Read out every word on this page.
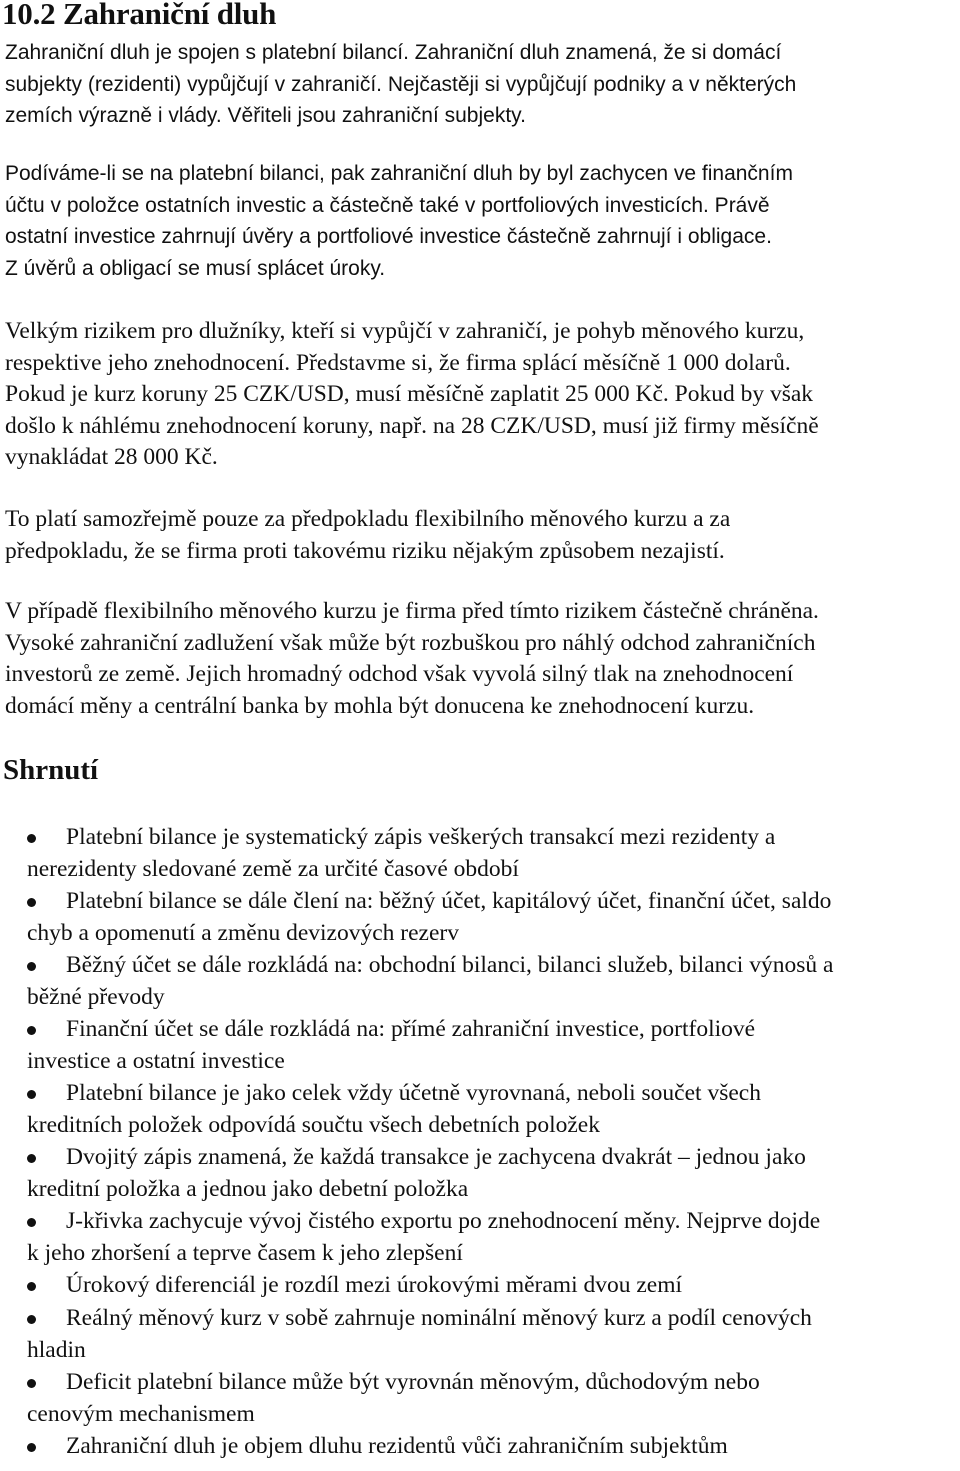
10.2 Zahraniční dluh

Zahraniční dluh je spojen s platební bilancí. Zahraniční dluh znamená, že si domácí
subjekty (rezidenti) vypůjčují v zahraničí. Nejčastěji si vypůjčují podniky a v některých
zemích výrazně i vlády. Věřiteli jsou zahraniční subjekty.

Podíváme-li se na platební bilanci, pak zahraniční dluh by byl zachycen ve finančním
účtu v položce ostatních investic a částečně také v portfoliových investicích. Právě
ostatní investice zahrnují úvěry a portfoliové investice částečně zahrnují i obligace.
Z úvěrů a obligací se musí splácet úroky.

Velkým rizikem pro dlužníky, kteří si vypůjčí v zahraničí, je pohyb měnového kurzu,
respektive jeho znehodnocení. Představme si, že firma splácí měsíčně 1 000 dolarů.
Pokud je kurz koruny 25 CZK/USD, musí měsíčně zaplatit 25 000 Kč. Pokud by však
došlo k náhlému znehodnocení koruny, např. na 28 CZK/USD, musí již firmy měsíčně
vynakládat 28 000 Kč.

To platí samozřejmě pouze za předpokladu flexibilního měnového kurzu a za
předpokladu, že se firma proti takovému riziku nějakým způsobem nezajistí.

V případě flexibilního měnového kurzu je firma před tímto rizikem částečně chráněna.
Vysoké zahraniční zadlužení však může být rozbuškou pro náhlý odchod zahraničních
investorů ze země. Jejich hromadný odchod však vyvolá silný tlak na znehodnocení
domácí měny a centrální banka by mohla být donucena ke znehodnocení kurzu.

Shrnutí
Platební bilance je systematický zápis veškerých transakcí mezi rezidenty a
nerezidenty sledované země za určité časové období
Platební bilance se dále člení na: běžný účet, kapitálový účet, finanční účet, saldo
chyb a opomenutí a změnu devizových rezerv
Běžný účet se dále rozkládá na: obchodní bilanci, bilanci služeb, bilanci výnosů a
běžné převody
Finanční účet se dále rozkládá na: přímé zahraniční investice, portfoliové
investice a ostatní investice
Platební bilance je jako celek vždy účetně vyrovnaná, neboli součet všech
kreditních položek odpovídá součtu všech debetních položek
Dvojitý zápis znamená, že každá transakce je zachycena dvakrát – jednou jako
kreditní položka a jednou jako debetní položka
J-křivka zachycuje vývoj čistého exportu po znehodnocení měny. Nejprve dojde
k jeho zhoršení a teprve časem k jeho zlepšení
Úrokový diferenciál je rozdíl mezi úrokovými měrami dvou zemí
Reálný měnový kurz v sobě zahrnuje nominální měnový kurz a podíl cenových
hladin
Deficit platební bilance může být vyrovnán měnovým, důchodovým nebo
cenovým mechanismem
Zahraniční dluh je objem dluhu rezidentů vůči zahraničním subjektům
